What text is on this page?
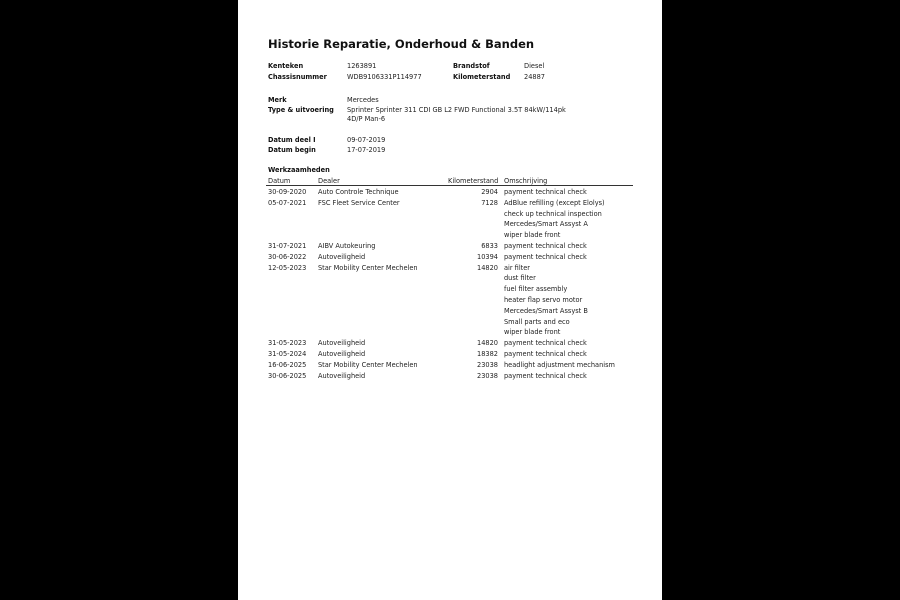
Historie Reparatie, Onderhoud & Banden
Kenteken	1263891	Brandstof	Diesel
Chassisnummer	WDB9106331P114977	Kilometerstand 24887
Merk	Mercedes
Type & uitvoering Sprinter Sprinter 311 CDI GB L2 FWD Functional 3.5T 84kW/114pk
4D/P Man-6
Datum deel I	09-07-2019
Datum begin	17-07-2019
Werkzaamheden
Datum	Dealer	Kilometerstand Omschrijving
30-09-2020 Auto Controle Technique	2904 payment technical check
05-07-2021 FSC Fleet Service Center	7128 AdBlue refilling (except Elolys)
check up technical inspection
Mercedes/Smart Assyst A
wiper blade front
31-07-2021 AIBV Autokeuring	6833 payment technical check
30-06-2022 Autoveiligheid	10394 payment technical check
12-05-2023 Star Mobility Center Mechelen	14820 air filter
dust filter
fuel filter assembly
heater flap servo motor
Mercedes/Smart Assyst B
Small parts and eco
wiper blade front
31-05-2023 Autoveiligheid	14820 payment technical check
31-05-2024 Autoveiligheid	18382 payment technical check
16-06-2025 Star Mobility Center Mechelen	23038 headlight adjustment mechanism
30-06-2025 Autoveiligheid	23038 payment technical check
